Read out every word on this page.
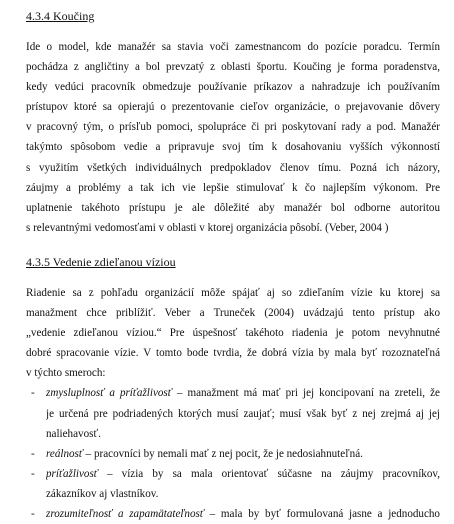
4.3.4 Koučing
Ide o model, kde manažér sa stavia voči zamestnancom do pozície poradcu. Termín
pochádza z angličtiny a bol prevzatý z oblasti športu. Koučing je forma poradenstva,
kedy vedúci pracovník obmedzuje používanie príkazov a nahradzuje ich používaním
prístupov ktoré sa opierajú o prezentovanie cieľov organizácie, o prejavovanie dôvery
v pracovný tým, o prísľub pomoci, spolupráce či pri poskytovaní rady a pod. Manažér
takýmto spôsobom vedie a pripravuje svoj tím k dosahovaniu vyšších výkonností
s využitím všetkých individuálnych predpokladov členov tímu. Pozná ich názory,
záujmy a problémy a tak ich vie lepšie stimulovať k čo najlepším výkonom. Pre
uplatnenie takéhoto prístupu je ale dôležité aby manažér bol odborne autoritou
s relevantnými vedomosťami v oblasti v ktorej organizácia pôsobí. (Veber, 2004 )
4.3.5 Vedenie zdieľanou víziou
Riadenie sa z pohľadu organizácií môže spájať aj so zdieľaním vízie ku ktorej sa
manažment chce priblížiť. Veber a Truneček (2004) uvádzajú tento prístup ako
„vedenie zdieľanou víziou.“ Pre úspešnosť takéhoto riadenia je potom nevyhnutné
dobré spracovanie vízie. V tomto bode tvrdia, že dobrá vízia by mala byť rozoznateľná
v týchto smeroch:
- zmysluplnosť a príťažlivosť – manažment má mať pri jej koncipovaní na zreteli, že
je určená pre podriadených ktorých musí zaujať; musí však byť z nej zrejmá aj jej
naliehavosť.
- reálnosť – pracovníci by nemali mať z nej pocit, že je nedosiahnuteľná.
- príťažlivosť – vízia by sa mala orientovať súčasne na záujmy pracovníkov,
zákazníkov aj vlastníkov.
- zrozumiteľnosť a zapamätateľnosť – mala by byť formulovaná jasne a jednoducho
